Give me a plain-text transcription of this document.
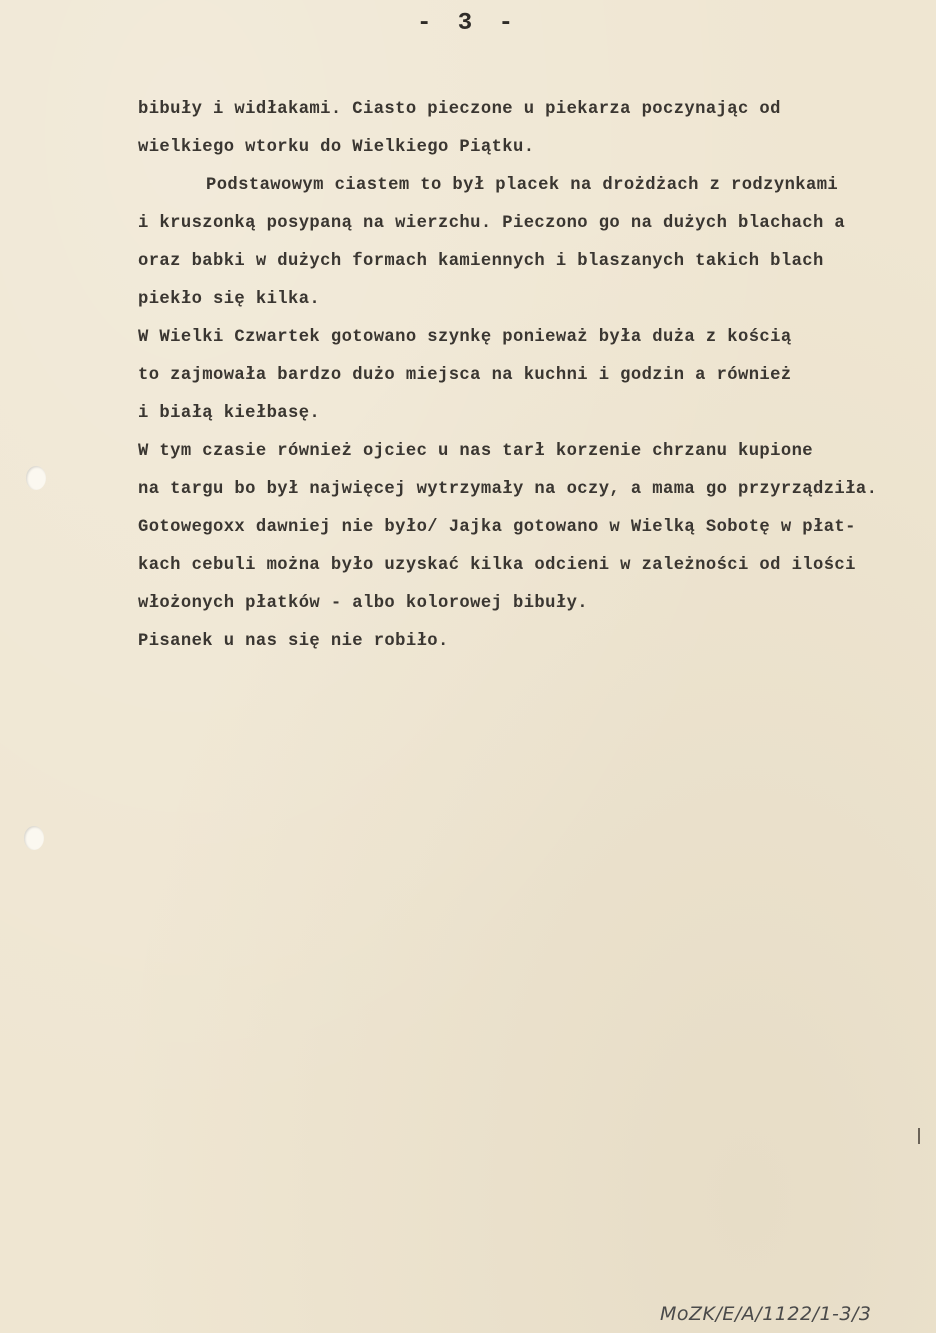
- 3 -
bibuły i widłakami. Ciasto pieczone u piekarza poczynając od
wielkiego wtorku do Wielkiego Piątku.
Podstawowym ciastem to był placek na drożdżach z rodzynkami
i kruszonką posypaną na wierzchu. Pieczono go na dużych blachach a
oraz babki w dużych formach kamiennych i blaszanych takich blach
piekło się kilka.
W Wielki Czwartek gotowano szynkę ponieważ była duża z kością
to zajmowała bardzo dużo miejsca na kuchni i godzin a również
i białą kiełbasę.
W tym czasie również ojciec u nas tarł korzenie chrzanu kupione
na targu bo był najwięcej wytrzymały na oczy, a mama go przyrządziła.
Gotowegoxx dawniej nie było/ Jajka gotowano w Wielką Sobotę w płat-
kach cebuli można było uzyskać kilka odcieni w zależności od ilości
włożonych płatków - albo kolorowej bibuły.
Pisanek u nas się nie robiło.
MoZK/E/A/1122/1-3/3
